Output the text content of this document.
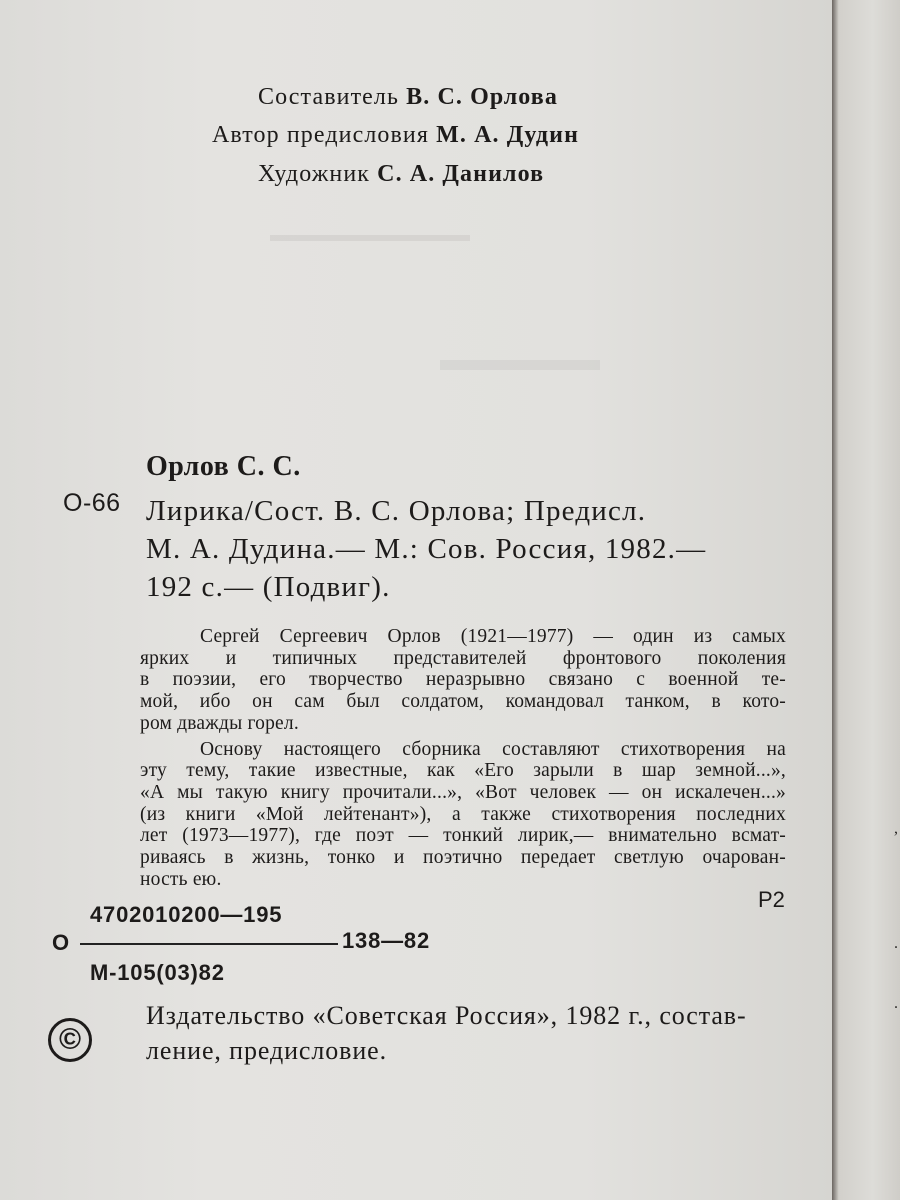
Составитель В. С. Орлова
Автор предисловия М. А. Дудин
Художник С. А. Данилов
Орлов С. С.
О-66 Лирика/Сост. В. С. Орлова; Предисл.
М. А. Дудина.— М.: Сов. Россия, 1982.—
192 с.— (Подвиг).

Сергей Сергеевич Орлов (1921—1977) — один из самых
ярких и типичных представителей фронтового поколения
в поэзии, его творчество неразрывно связано с военной те-
мой, ибо он сам был солдатом, командовал танком, в кото-
ром дважды горел.

Основу настоящего сборника составляют стихотворения на
эту тему, такие известные, как «Его зарыли в шар земной...»,
«А мы такую книгу прочитали...», «Вот человек — он искалечен...»
(из книги «Мой лейтенант»), а также стихотворения последних
лет (1973—1977), где поэт — тонкий лирик,— внимательно всмат-
риваясь в жизнь, тонко и поэтично передает светлую очарован-
ность ею.

Р2
О
4702010200—195
138—82
М-105(03)82
©
Издательство «Советская Россия», 1982 г., состав-
ление, предисловие.
,
.
.
